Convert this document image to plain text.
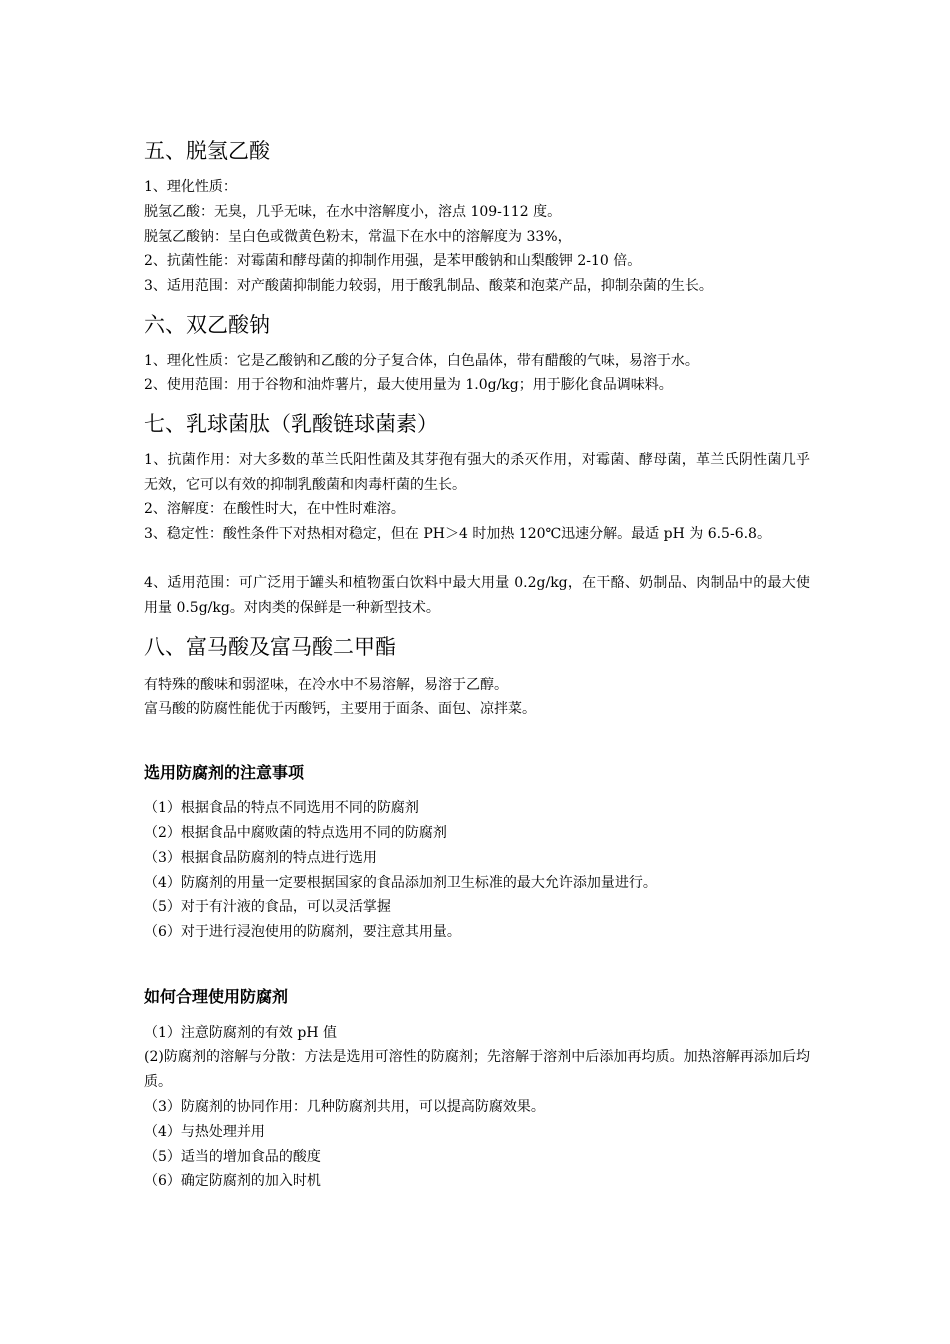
五、脱氢乙酸

1、理化性质：

脱氢乙酸：无臭，几乎无味，在水中溶解度小，溶点 109-112 度。

脱氢乙酸钠：呈白色或微黄色粉末，常温下在水中的溶解度为 33%，

2、抗菌性能：对霉菌和酵母菌的抑制作用强，是苯甲酸钠和山梨酸钾 2-10 倍。

3、适用范围：对产酸菌抑制能力较弱，用于酸乳制品、酸菜和泡菜产品，抑制杂菌的生长。

六、双乙酸钠

1、理化性质：它是乙酸钠和乙酸的分子复合体，白色晶体，带有醋酸的气味，易溶于水。

2、使用范围：用于谷物和油炸薯片，最大使用量为 1.0g/kg；用于膨化食品调味料。

七、乳球菌肽（乳酸链球菌素）

1、抗菌作用：对大多数的革兰氏阳性菌及其芽孢有强大的杀灭作用，对霉菌、酵母菌，革兰氏阴性菌几乎无效，它可以有效的抑制乳酸菌和肉毒杆菌的生长。

2、溶解度：在酸性时大，在中性时难溶。

3、稳定性：酸性条件下对热相对稳定，但在 PH＞4 时加热 120℃迅速分解。最适 pH 为 6.5-6.8。

4、适用范围：可广泛用于罐头和植物蛋白饮料中最大用量 0.2g/kg，在干酪、奶制品、肉制品中的最大使用量 0.5g/kg。对肉类的保鲜是一种新型技术。

八、富马酸及富马酸二甲酯

有特殊的酸味和弱涩味，在冷水中不易溶解，易溶于乙醇。

富马酸的防腐性能优于丙酸钙，主要用于面条、面包、凉拌菜。

选用防腐剂的注意事项

（1）根据食品的特点不同选用不同的防腐剂

（2）根据食品中腐败菌的特点选用不同的防腐剂

（3）根据食品防腐剂的特点进行选用

（4）防腐剂的用量一定要根据国家的食品添加剂卫生标准的最大允许添加量进行。

（5）对于有汁液的食品，可以灵活掌握

（6）对于进行浸泡使用的防腐剂，要注意其用量。

如何合理使用防腐剂

（1）注意防腐剂的有效 pH 值

(2)防腐剂的溶解与分散：方法是选用可溶性的防腐剂；先溶解于溶剂中后添加再均质。加热溶解再添加后均质。

（3）防腐剂的协同作用：几种防腐剂共用，可以提高防腐效果。

（4）与热处理并用

（5）适当的增加食品的酸度

（6）确定防腐剂的加入时机
